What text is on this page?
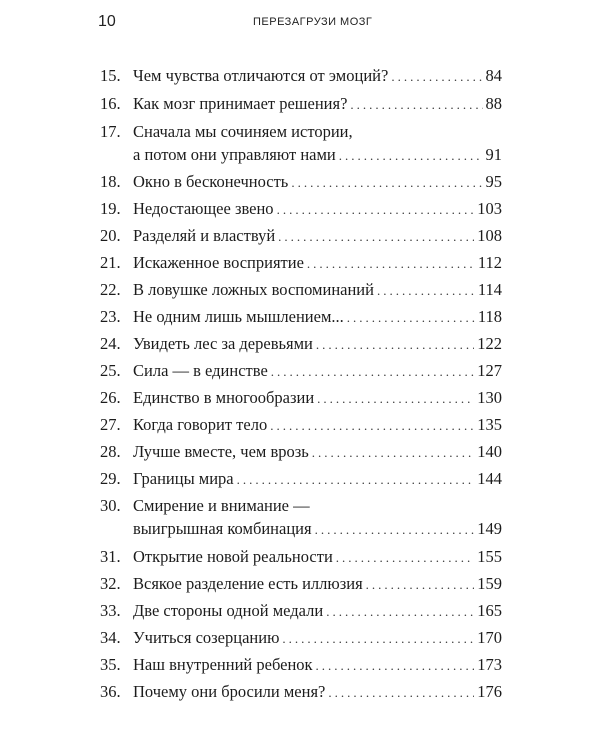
10	ПЕРЕЗАГРУЗИ МОЗГ
15. Чем чувства отличаются от эмоций? .....	84
16. Как мозг принимает решения? .....	88
17. Сначала мы сочиняем истории,
а потом они управляют нами .....	91
18. Окно в бесконечность .....	95
19. Недостающее звено .....	103
20. Разделяй и властвуй .....	108
21. Искаженное восприятие .....	112
22. В ловушке ложных воспоминаний .....	114
23. Не одним лишь мышлением... .....	118
24. Увидеть лес за деревьями .....	122
25. Сила — в единстве .....	127
26. Единство в многообразии .....	130
27. Когда говорит тело .....	135
28. Лучше вместе, чем врозь .....	140
29. Границы мира .....	144
30. Смирение и внимание —
выигрышная комбинация .....	149
31. Открытие новой реальности .....	155
32. Всякое разделение есть иллюзия .....	159
33. Две стороны одной медали .....	165
34. Учиться созерцанию .....	170
35. Наш внутренний ребенок .....	173
36. Почему они бросили меня? .....	176
